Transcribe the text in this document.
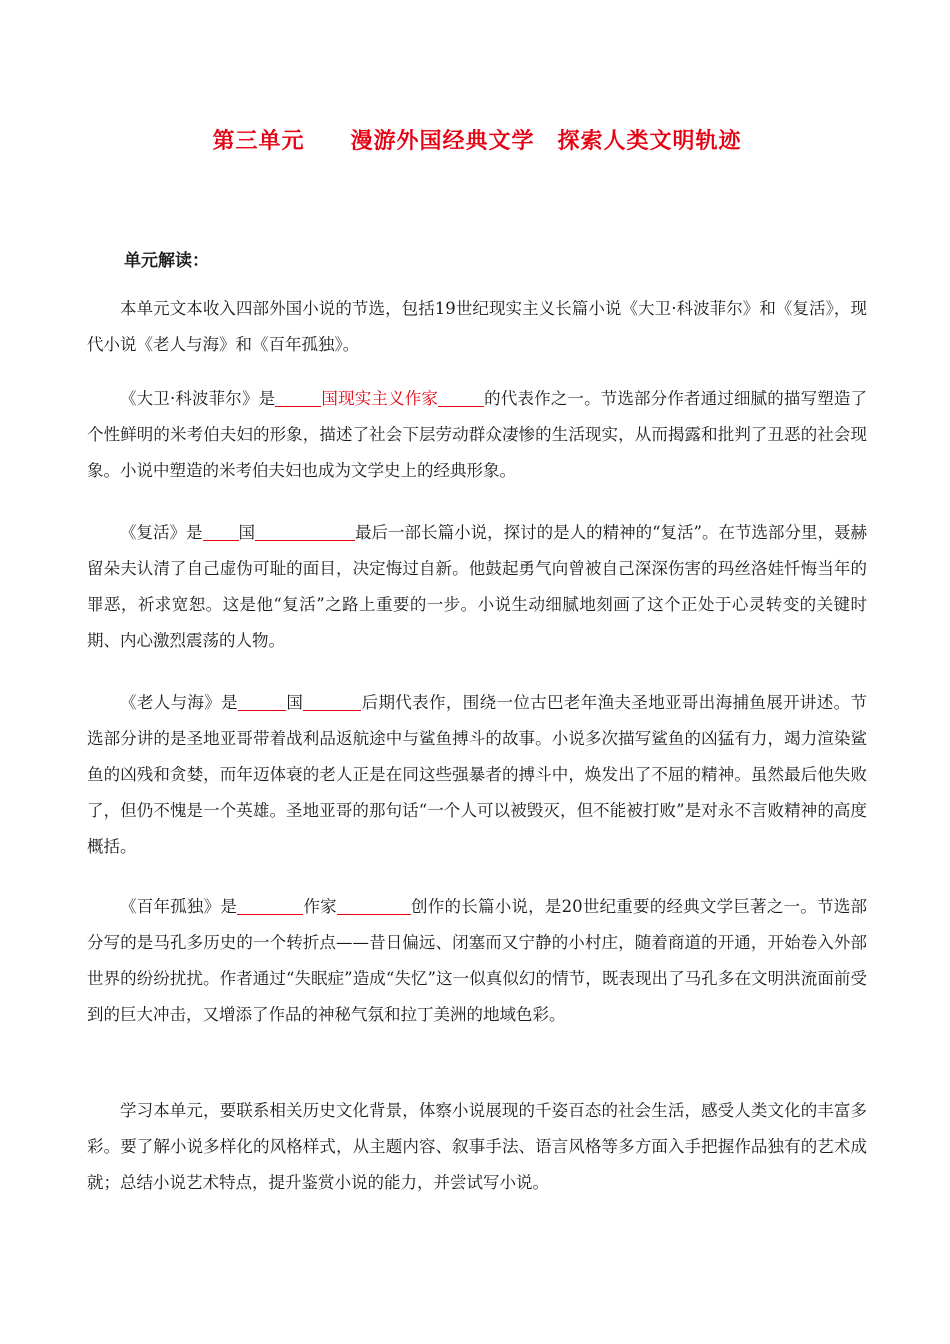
第三单元　　漫游外国经典文学　探索人类文明轨迹
单元解读：

本单元文本收入四部外国小说的节选，包括19世纪现实主义长篇小说《大卫·科波菲尔》和《复活》，现代小说《老人与海》和《百年孤独》。

《大卫·科波菲尔》是	国现实主义作家	的代表作之一。节选部分作者通过细腻的描写塑造了个性鲜明的米考伯夫妇的形象，描述了社会下层劳动群众凄惨的生活现实，从而揭露和批判了丑恶的社会现象。小说中塑造的米考伯夫妇也成为文学史上的经典形象。

《复活》是 国	最后一部长篇小说，探讨的是人的精神的“复活”。在节选部分里，聂赫留朵夫认清了自己虚伪可耻的面目，决定悔过自新。他鼓起勇气向曾被自己深深伤害的玛丝洛娃忏悔当年的罪恶，祈求宽恕。这是他“复活”之路上重要的一步。小说生动细腻地刻画了这个正处于心灵转变的关键时期、内心激烈震荡的人物。

《老人与海》是	国	后期代表作，围绕一位古巴老年渔夫圣地亚哥出海捕鱼展开讲述。节选部分讲的是圣地亚哥带着战利品返航途中与鲨鱼搏斗的故事。小说多次描写鲨鱼的凶猛有力，竭力渲染鲨鱼的凶残和贪婪，而年迈体衰的老人正是在同这些强暴者的搏斗中，焕发出了不屈的精神。虽然最后他失败了，但仍不愧是一个英雄。圣地亚哥的那句话“一个人可以被毁灭，但不能被打败”是对永不言败精神的高度概括。

《百年孤独》是	作家	创作的长篇小说，是20世纪重要的经典文学巨著之一。节选部分写的是马孔多历史的一个转折点——昔日偏远、闭塞而又宁静的小村庄，随着商道的开通，开始卷入外部世界的纷纷扰扰。作者通过“失眠症”造成“失忆”这一似真似幻的情节，既表现出了马孔多在文明洪流面前受到的巨大冲击，又增添了作品的神秘气氛和拉丁美洲的地域色彩。

学习本单元，要联系相关历史文化背景，体察小说展现的千姿百态的社会生活，感受人类文化的丰富多彩。要了解小说多样化的风格样式，从主题内容、叙事手法、语言风格等多方面入手把握作品独有的艺术成就；总结小说艺术特点，提升鉴赏小说的能力，并尝试写小说。
